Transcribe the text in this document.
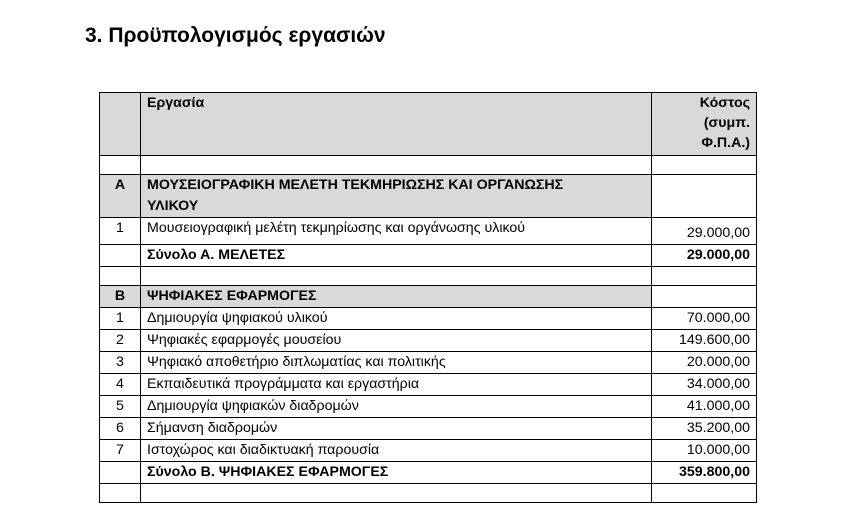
3. Προϋπολογισμός εργασιών
	Εργασία	Κόστος
(συμπ.
Φ.Π.Α.)

Α	ΜΟΥΣΕΙΟΓΡΑΦΙΚΗ ΜΕΛΕΤΗ ΤΕΚΜΗΡΙΩΣΗΣ ΚΑΙ ΟΡΓΑΝΩΣΗΣ ΥΛΙΚΟΥ	
1	Μουσειογραφική μελέτη τεκμηρίωσης και οργάνωσης υλικού	29.000,00
	Σύνολο Α. ΜΕΛΕΤΕΣ	29.000,00

Β	ΨΗΦΙΑΚΕΣ ΕΦΑΡΜΟΓΕΣ	
1	Δημιουργία ψηφιακού υλικού	70.000,00
2	Ψηφιακές εφαρμογές μουσείου	149.600,00
3	Ψηφιακό αποθετήριο διπλωματίας και πολιτικής	20.000,00
4	Εκπαιδευτικά προγράμματα και εργαστήρια	34.000,00
5	Δημιουργία ψηφιακών διαδρομών	41.000,00
6	Σήμανση διαδρομών	35.200,00
7	Ιστοχώρος και διαδικτυακή παρουσία	10.000,00
	Σύνολο Β. ΨΗΦΙΑΚΕΣ ΕΦΑΡΜΟΓΕΣ	359.800,00
